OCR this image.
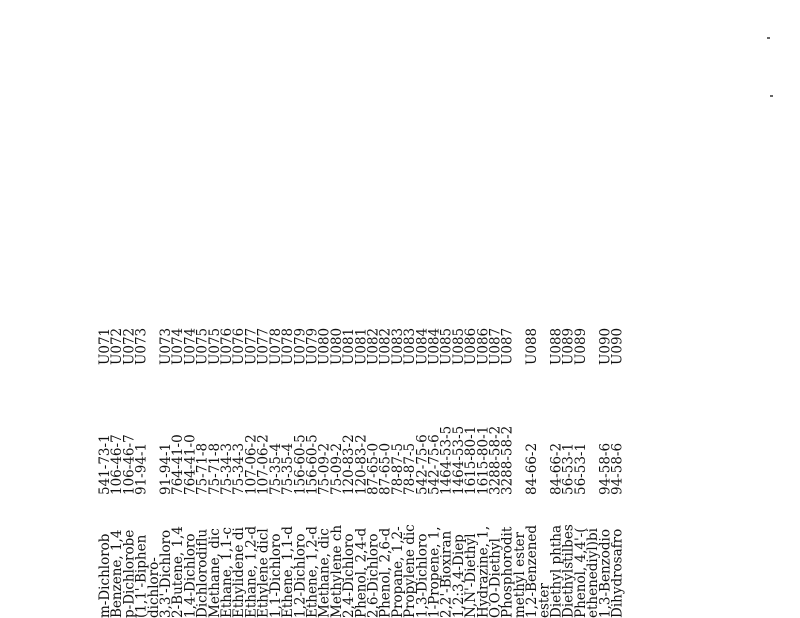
U071
U072
U072
U073
U073
U074
U074
U075
U075
U076
U076
U077
U077
U078
U078
U079
U079
U080
U080
U081
U081
U082
U082
U083
U083
U084
U084
U085
U085
U086
U086
U087
U087
U088
U088
U089
U089
U090
U090
541-73-1
106-46-7
106-46-7
91-94-1
91-94-1
764-41-0
764-41-0
75-71-8
75-71-8
75-34-3
75-34-3
107-06-2
107-06-2
75-35-4
75-35-4
156-60-5
156-60-5
75-09-2
75-09-2
120-83-2
120-83-2
87-65-0
87-65-0
78-87-5
78-87-5
542-75-6
542-75-6
1464-53-5
1464-53-5
1615-80-1
1615-80-1
3288-58-2
3288-58-2
84-66-2
84-66-2
56-53-1
56-53-1
94-58-6
94-58-6
m-Dichlorob
Benzene, 1,4
p-Dichlorobe
(1,1'-Biphen
dichloro-
3,3'-Dichloro
2-Butene, 1,4
1,4-Dichloro
Dichlorodiflu
Methane, dic
Ethane, 1,1-c
Ethylidene di
Ethane, 1,2-d
Ethylene dicl
1,1-Dichloro
Ethene, 1,1-d
1,2-Dichloro
Ethene, 1,2-d
Methane, dic
Methylene ch
2,4-Dichloro
Phenol, 2,4-d
2,6-Dichloro
Phenol, 2,6-d
Propane, 1,2-
Propylene dic
1,3-Dichloro
1-Propene, 1,
2,2'-Bioxiran
1,2:3,4-Diep
N,N'-Diethyl
Hydrazine, 1,
O,O-Diethyl
Phosphorodit
methyl ester
1,2-Benzened
ester
Diethyl phtha
Diethylstilbes
Phenol, 4,4'-(
ethenediyl)bi
1,3-Benzodio
Dihydrosafro
